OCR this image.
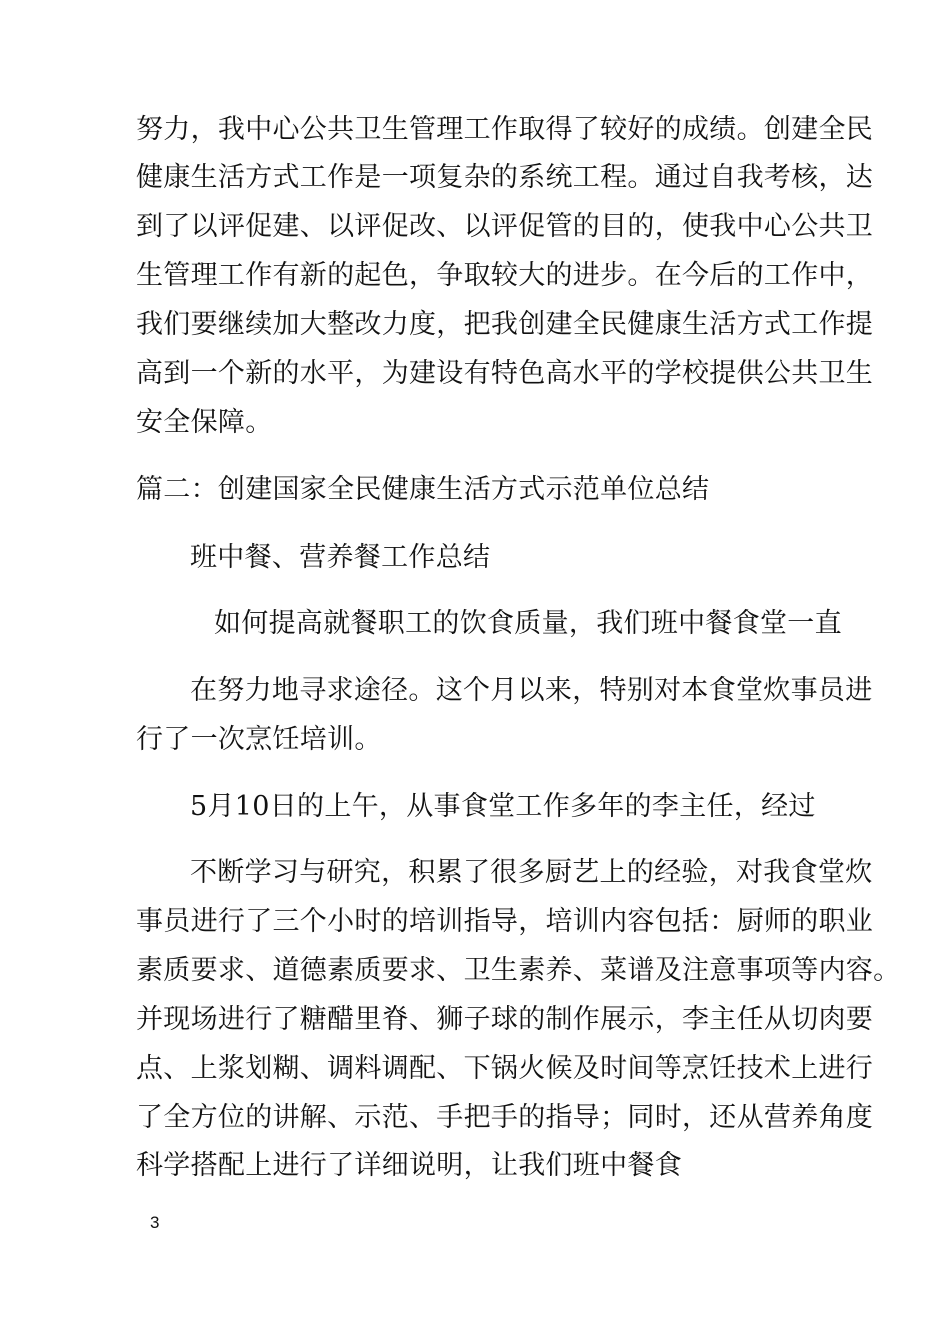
努力，我中心公共卫生管理工作取得了较好的成绩。创建全民
健康生活方式工作是一项复杂的系统工程。通过自我考核，达
到了以评促建、以评促改、以评促管的目的，使我中心公共卫
生管理工作有新的起色，争取较大的进步。在今后的工作中，
我们要继续加大整改力度，把我创建全民健康生活方式工作提
高到一个新的水平，为建设有特色高水平的学校提供公共卫生
安全保障。
篇二：创建国家全民健康生活方式示范单位总结
班中餐、营养餐工作总结
如何提高就餐职工的饮食质量，我们班中餐食堂一直
在努力地寻求途径。这个月以来，特别对本食堂炊事员进
行了一次烹饪培训。
5月10日的上午，从事食堂工作多年的李主任，经过
不断学习与研究，积累了很多厨艺上的经验，对我食堂炊
事员进行了三个小时的培训指导，培训内容包括：厨师的职业
素质要求、道德素质要求、卫生素养、菜谱及注意事项等内容。
并现场进行了糖醋里脊、狮子球的制作展示，李主任从切肉要
点、上浆划糊、调料调配、下锅火候及时间等烹饪技术上进行
了全方位的讲解、示范、手把手的指导；同时，还从营养角度
科学搭配上进行了详细说明，让我们班中餐食
3
